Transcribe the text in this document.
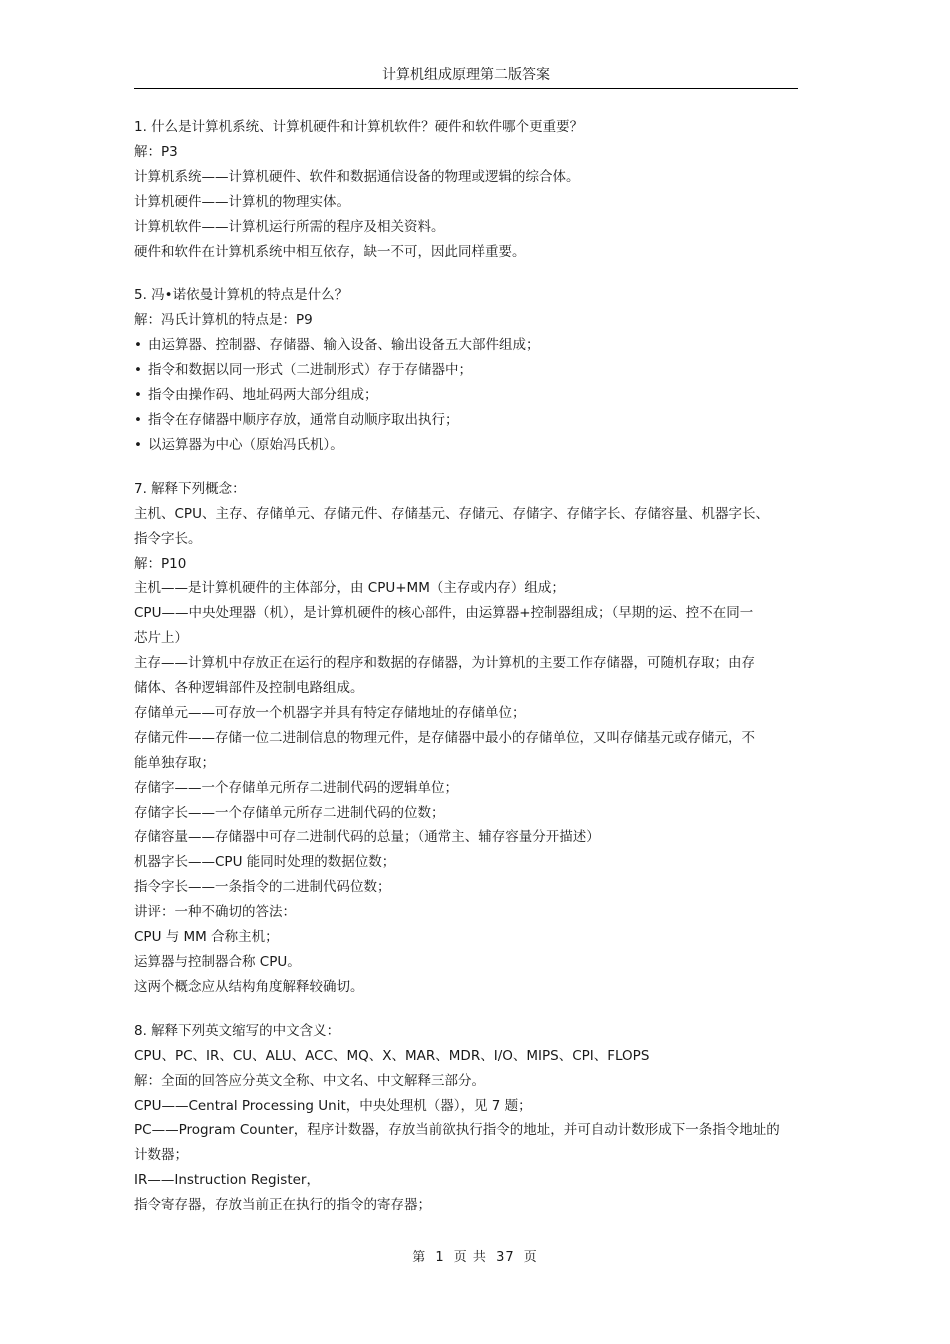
计算机组成原理第二版答案
1. 什么是计算机系统、计算机硬件和计算机软件？硬件和软件哪个更重要？
解：P3
计算机系统——计算机硬件、软件和数据通信设备的物理或逻辑的综合体。
计算机硬件——计算机的物理实体。
计算机软件——计算机运行所需的程序及相关资料。
硬件和软件在计算机系统中相互依存，缺一不可，因此同样重要。
5. 冯•诺依曼计算机的特点是什么？
解：冯氏计算机的特点是：P9
• 由运算器、控制器、存储器、输入设备、输出设备五大部件组成；
• 指令和数据以同一形式（二进制形式）存于存储器中；
• 指令由操作码、地址码两大部分组成；
• 指令在存储器中顺序存放，通常自动顺序取出执行；
• 以运算器为中心（原始冯氏机）。
7. 解释下列概念：
主机、CPU、主存、存储单元、存储元件、存储基元、存储元、存储字、存储字长、存储容量、机器字长、
指令字长。
解：P10
主机——是计算机硬件的主体部分，由 CPU+MM（主存或内存）组成；
CPU——中央处理器（机），是计算机硬件的核心部件，由运算器+控制器组成；（早期的运、控不在同一
芯片上）
主存——计算机中存放正在运行的程序和数据的存储器，为计算机的主要工作存储器，可随机存取；由存
储体、各种逻辑部件及控制电路组成。
存储单元——可存放一个机器字并具有特定存储地址的存储单位；
存储元件——存储一位二进制信息的物理元件，是存储器中最小的存储单位，又叫存储基元或存储元，不
能单独存取；
存储字——一个存储单元所存二进制代码的逻辑单位；
存储字长——一个存储单元所存二进制代码的位数；
存储容量——存储器中可存二进制代码的总量；（通常主、辅存容量分开描述）
机器字长——CPU 能同时处理的数据位数；
指令字长——一条指令的二进制代码位数；
讲评：一种不确切的答法：
CPU 与 MM 合称主机；
运算器与控制器合称 CPU。
这两个概念应从结构角度解释较确切。
8. 解释下列英文缩写的中文含义：
CPU、PC、IR、CU、ALU、ACC、MQ、X、MAR、MDR、I/O、MIPS、CPI、FLOPS
解：全面的回答应分英文全称、中文名、中文解释三部分。
CPU——Central Processing Unit，中央处理机（器），见 7 题；
PC——Program Counter，程序计数器，存放当前欲执行指令的地址，并可自动计数形成下一条指令地址的
计数器；
IR——Instruction Register，
指令寄存器，存放当前正在执行的指令的寄存器；
第 1 页 共 37 页
